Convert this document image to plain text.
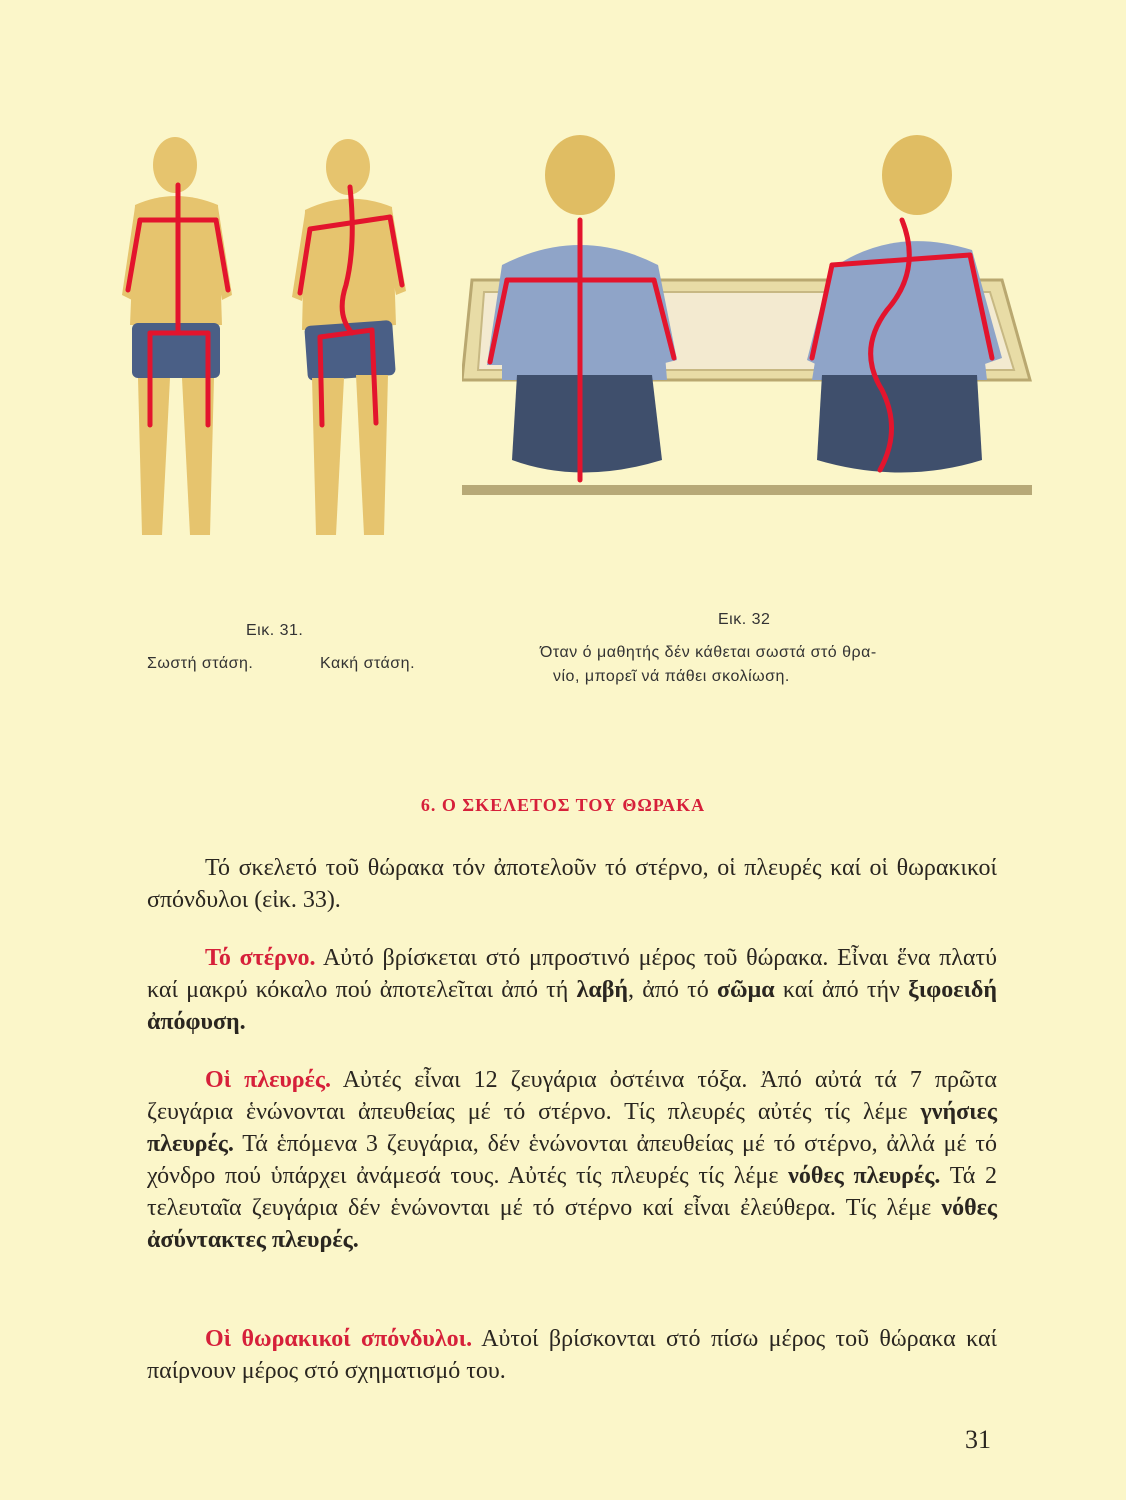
Εικ. 31.
Σωστή στάση.	Κακή στάση.
Εικ. 32
Όταν ό μαθητής δέν κάθεται σωστά στό θρα-
νίο, μπορεῖ νά πάθει σκολίωση.
6. Ο ΣΚΕΛΕΤΟΣ ΤΟΥ ΘΩΡΑΚΑ

Τό σκελετό τοῦ θώρακα τόν ἀποτελοῦν τό στέρνο, οἱ πλευρές καί οἱ θωρακικοί σπόνδυλοι (εἰκ. 33).

Τό στέρνο. Αὐτό βρίσκεται στό μπροστινό μέρος τοῦ θώρακα. Εἶναι ἕνα πλατύ καί μακρύ κόκαλο πού ἀποτελεῖται ἀπό τή λαβή, ἀπό τό σῶμα καί ἀπό τήν ξιφοειδή ἀπόφυση.

Οἱ πλευρές. Αὐτές εἶναι 12 ζευγάρια ὀστέινα τόξα. Ἀπό αὐτά τά 7 πρῶτα ζευγάρια ἑνώνονται ἀπευθείας μέ τό στέρνο. Τίς πλευρές αὐτές τίς λέμε γνήσιες πλευρές. Τά ἑπόμενα 3 ζευγάρια, δέν ἑνώνονται ἀπευθείας μέ τό στέρνο, ἀλλά μέ τό χόνδρο πού ὑπάρχει ἀνάμεσά τους. Αὐτές τίς πλευρές τίς λέμε νόθες πλευρές. Τά 2 τελευταῖα ζευγάρια δέν ἑνώνονται μέ τό στέρνο καί εἶναι ἐλεύθερα. Τίς λέμε νόθες ἀσύντακτες πλευρές.

Οἱ θωρακικοί σπόνδυλοι. Αὐτοί βρίσκονται στό πίσω μέρος τοῦ θώρακα καί παίρνουν μέρος στό σχηματισμό του.

31
